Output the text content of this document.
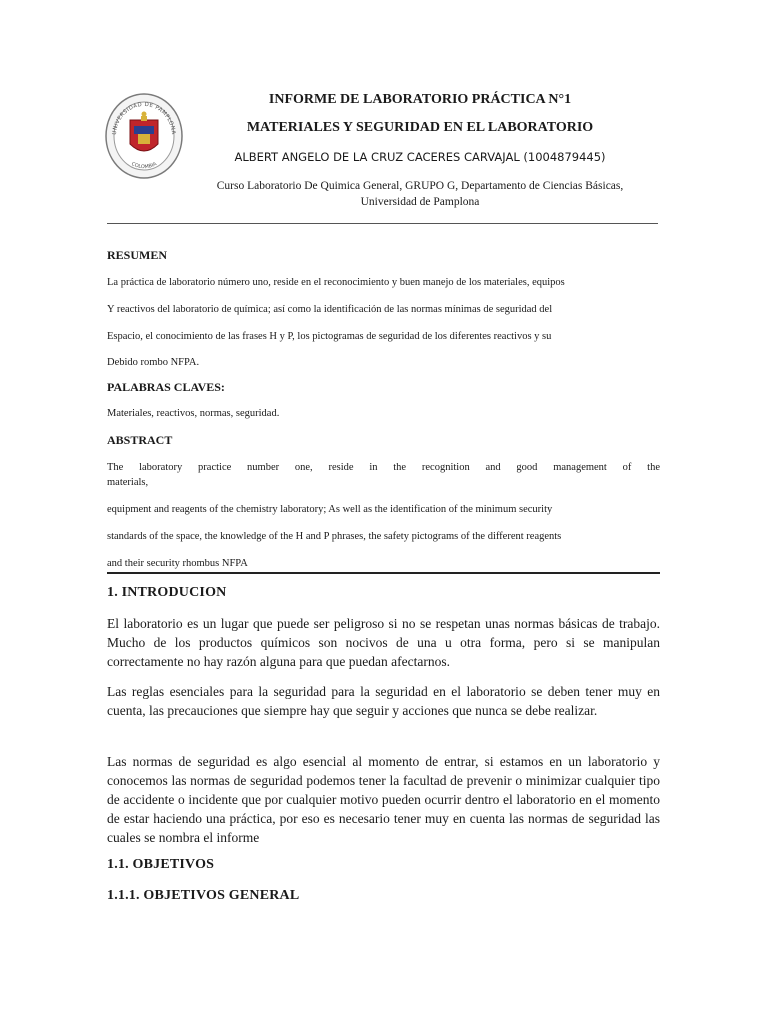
UNIVERSIDAD DE PAMPLONA
COLOMBIA
INFORME DE LABORATORIO PRÁCTICA N°1
MATERIALES Y SEGURIDAD EN EL LABORATORIO
ALBERT ANGELO DE LA CRUZ CACERES CARVAJAL (1004879445)
Curso Laboratorio De Quimica General, GRUPO G, Departamento de Ciencias Básicas,
Universidad de Pamplona
RESUMEN
La práctica de laboratorio número uno, reside en el reconocimiento y buen manejo de los materiales, equipos
Y reactivos del laboratorio de química; así como la identificación de las normas mínimas de seguridad del
Espacio, el conocimiento de las frases H y P, los pictogramas de seguridad de los diferentes reactivos y su
Debido rombo NFPA.
PALABRAS CLAVES:
Materiales, reactivos, normas, seguridad.
ABSTRACT
The laboratory practice number one, reside in the recognition and good management of the
materials,
equipment and reagents of the chemistry laboratory; As well as the identification of the minimum security
standards of the space, the knowledge of the H and P phrases, the safety pictograms of the different reagents
and their security rhombus NFPA
1. INTRODUCION
El laboratorio es un lugar que puede ser peligroso si no se respetan unas normas básicas de trabajo. Mucho de los productos químicos son nocivos de una u otra forma, pero si se manipulan correctamente no hay razón alguna para que puedan afectarnos.
Las reglas esenciales para la seguridad para la seguridad en el laboratorio se deben tener muy en cuenta, las precauciones que siempre hay que seguir y acciones que nunca se debe realizar.
Las normas de seguridad es algo esencial al momento de entrar, si estamos en un laboratorio y conocemos las normas de seguridad podemos tener la facultad de prevenir o minimizar cualquier tipo de accidente o incidente que por cualquier motivo pueden ocurrir dentro el laboratorio en el momento de estar haciendo una práctica, por eso es necesario tener muy en cuenta las normas de seguridad las cuales se nombra el informe
1.1. OBJETIVOS
1.1.1. OBJETIVOS GENERAL
